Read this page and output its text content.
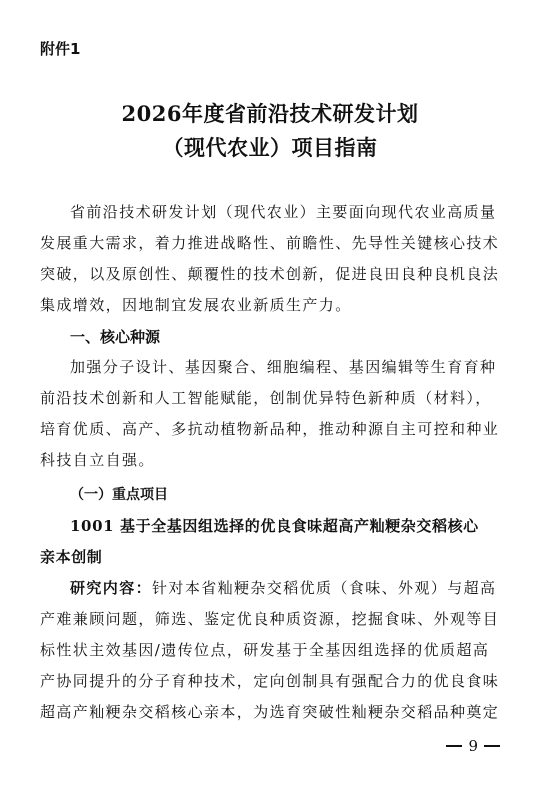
附件1
2026年度省前沿技术研发计划
（现代农业）项目指南
省前沿技术研发计划（现代农业）主要面向现代农业高质量
发展重大需求，着力推进战略性、前瞻性、先导性关键核心技术
突破，以及原创性、颠覆性的技术创新，促进良田良种良机良法
集成增效，因地制宜发展农业新质生产力。
一、核心种源
加强分子设计、基因聚合、细胞编程、基因编辑等生育育种
前沿技术创新和人工智能赋能，创制优异特色新种质（材料），
培育优质、高产、多抗动植物新品种，推动种源自主可控和种业
科技自立自强。
（一）重点项目
1001 基于全基因组选择的优良食味超高产籼粳杂交稻核心
亲本创制
研究内容：针对本省籼粳杂交稻优质（食味、外观）与超高
产难兼顾问题，筛选、鉴定优良种质资源，挖掘食味、外观等目
标性状主效基因/遗传位点，研发基于全基因组选择的优质超高
产协同提升的分子育种技术，定向创制具有强配合力的优良食味
超高产籼粳杂交稻核心亲本，为选育突破性籼粳杂交稻品种奠定
9
